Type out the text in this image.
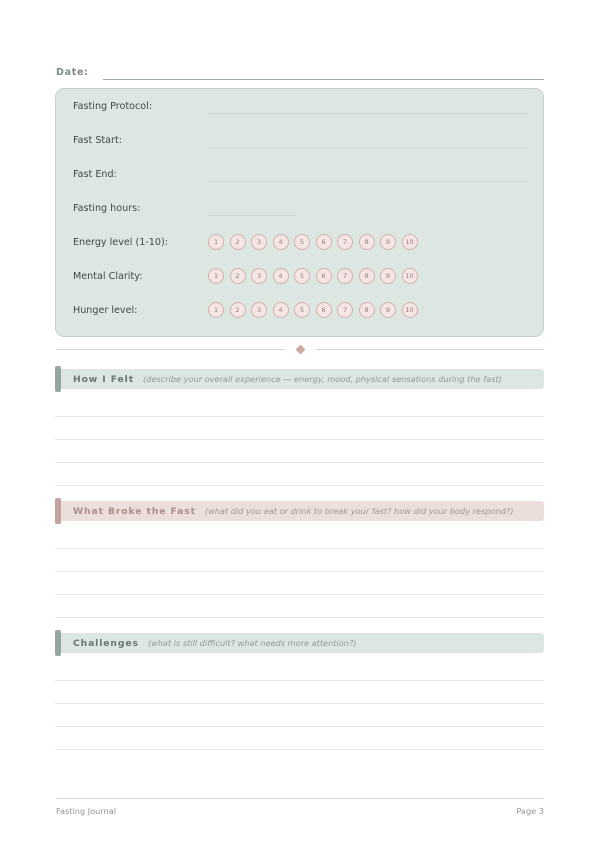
Date:
Fasting Protocol:
Fast Start:
Fast End:
Fasting hours:
Energy level (1-10):	1	2	3	4	5	6	7	8	9	10
Mental Clarity:	1	2	3	4	5	6	7	8	9	10
Hunger level:	1	2	3	4	5	6	7	8	9	10
How I Felt (describe your overall experience — energy, mood, physical sensations during the fast)
What Broke the Fast (what did you eat or drink to break your fast? how did your body respond?)
Challenges (what is still difficult? what needs more attention?)
Fasting Journal	Page 3
